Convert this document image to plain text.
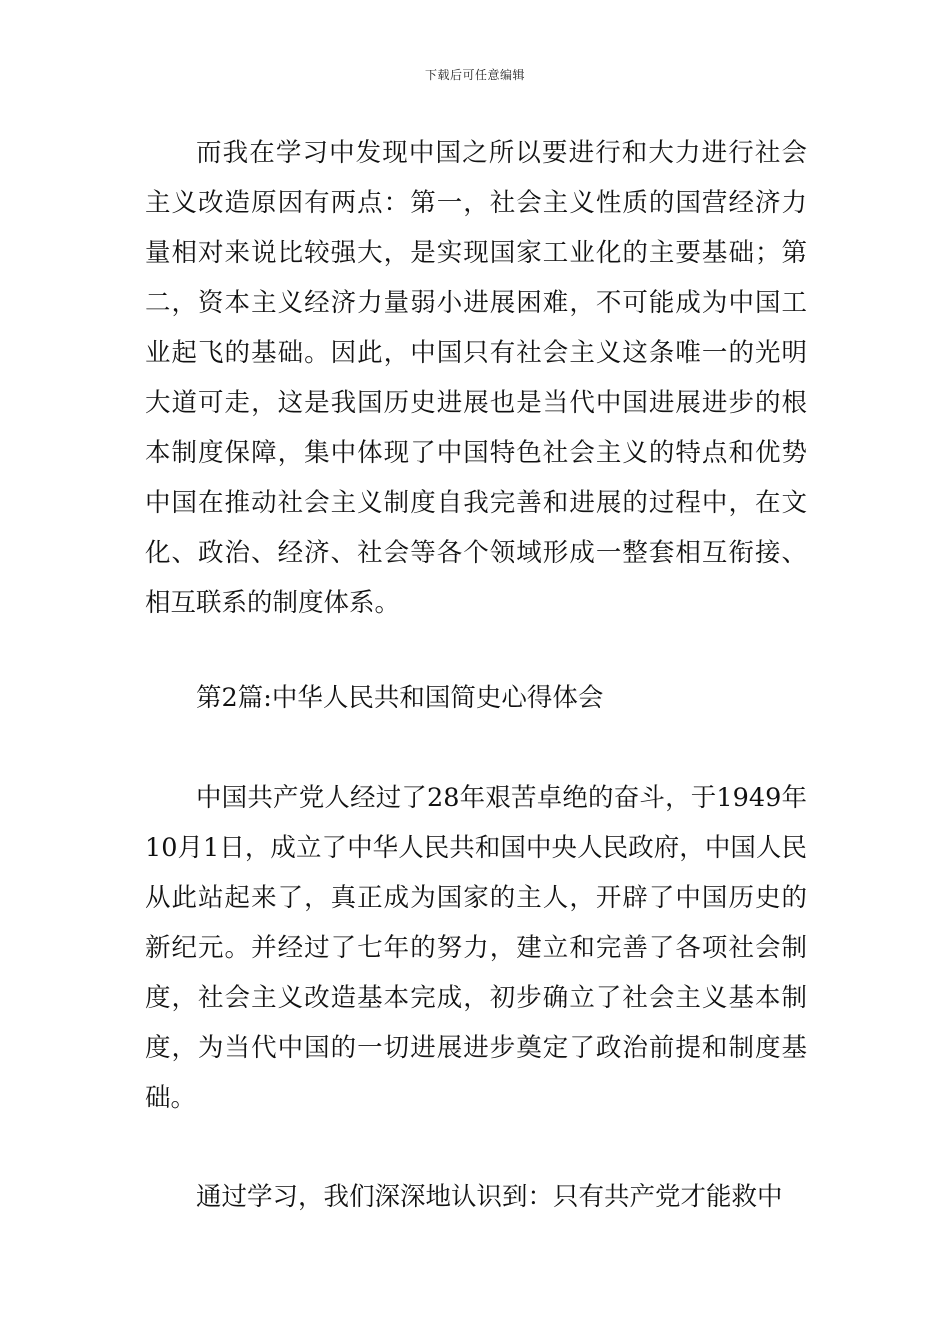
下载后可任意编辑

而我在学习中发现中国之所以要进行和大力进行社会主义改造原因有两点：第一，社会主义性质的国营经济力量相对来说比较强大，是实现国家工业化的主要基础；第二，资本主义经济力量弱小进展困难，不可能成为中国工业起飞的基础。因此，中国只有社会主义这条唯一的光明大道可走，这是我国历史进展也是当代中国进展进步的根本制度保障，集中体现了中国特色社会主义的特点和优势中国在推动社会主义制度自我完善和进展的过程中，在文化、政治、经济、社会等各个领域形成一整套相互衔接、相互联系的制度体系。

第2篇:中华人民共和国简史心得体会

中国共产党人经过了28年艰苦卓绝的奋斗，于1949年10月1日，成立了中华人民共和国中央人民政府，中国人民从此站起来了，真正成为国家的主人，开辟了中国历史的新纪元。并经过了七年的努力，建立和完善了各项社会制度，社会主义改造基本完成，初步确立了社会主义基本制度，为当代中国的一切进展进步奠定了政治前提和制度基础。

通过学习，我们深深地认识到：只有共产党才能救中
